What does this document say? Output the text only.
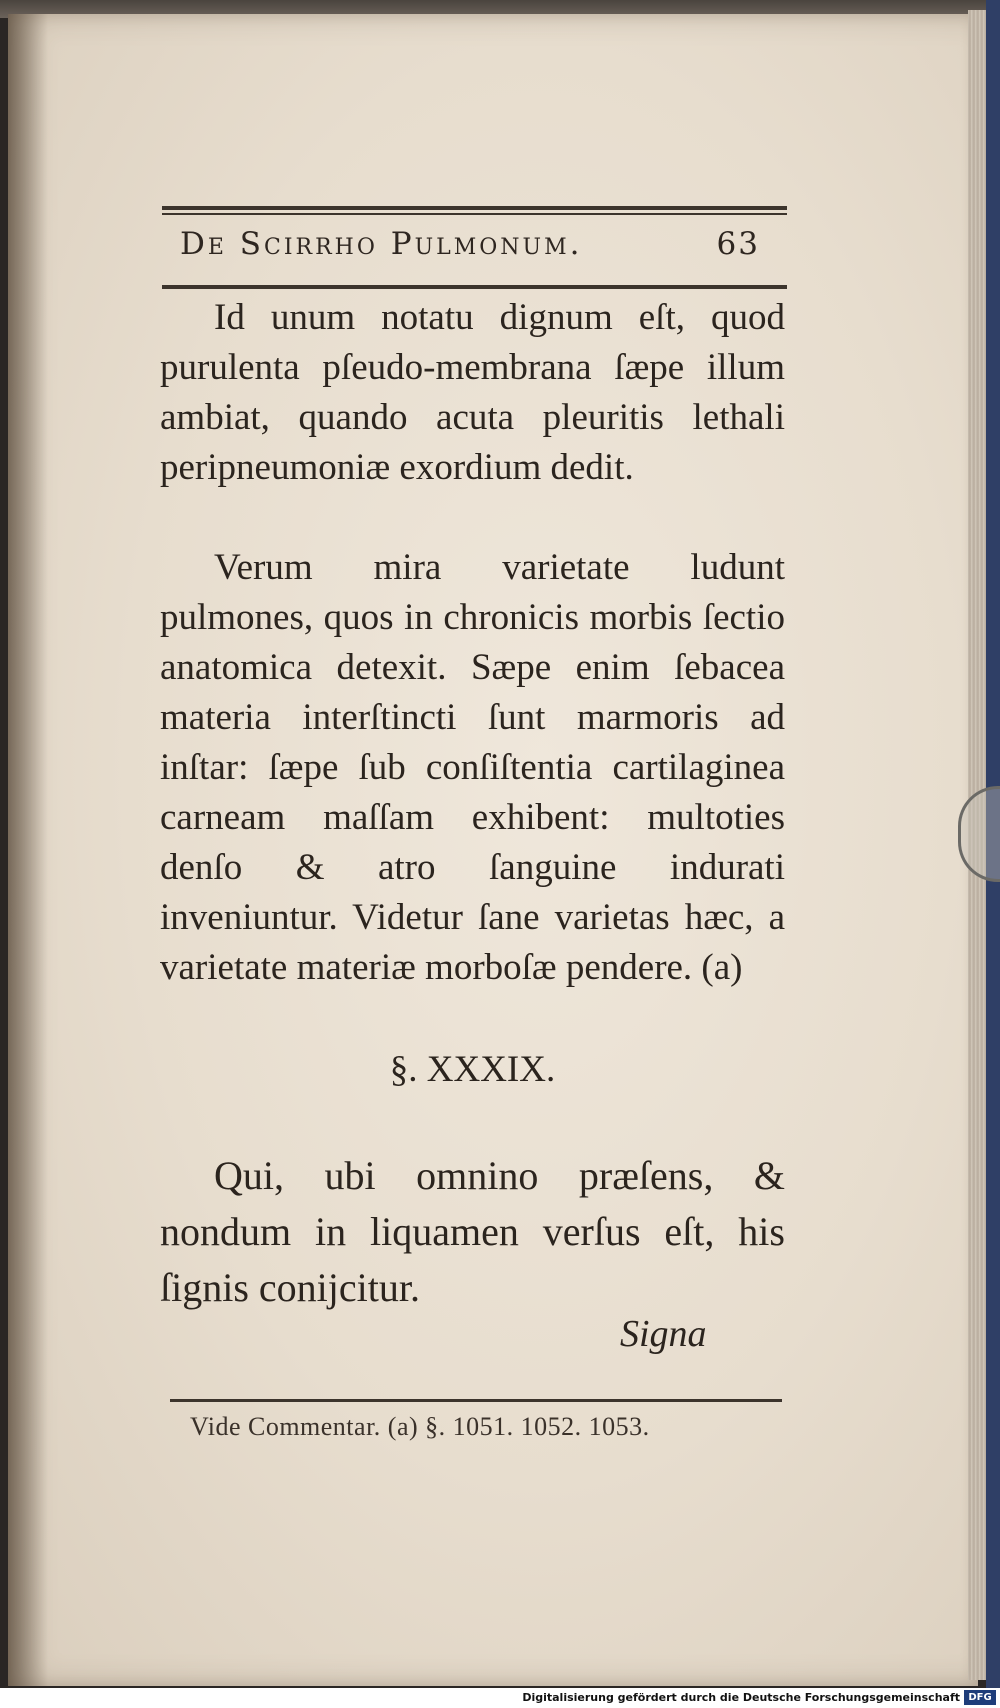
De Scirrho Pulmonum.	63
Id unum notatu dignum eſt, quod purulenta pſeudo-membrana ſæpe illum ambiat, quando acuta pleuritis lethali peripneumoniæ exordium dedit.
Verum mira varietate ludunt pulmones, quos in chronicis morbis ſectio anatomica detexit. Sæpe enim ſebacea materia interſtincti ſunt marmoris ad inſtar: ſæpe ſub conſiſtentia cartilaginea carneam maſſam exhibent: multoties denſo & atro ſanguine indurati inveniuntur. Videtur ſane varietas hæc, a varietate materiæ morboſæ pendere. (a)
§. XXXIX.
Qui, ubi omnino præſens, & nondum in liquamen verſus eſt, his ſignis conijcitur.
Signa
Vide Commentar. (a) §. 1051. 1052. 1053.
Digitalisierung gefördert durch die Deutsche Forschungsgemeinschaft DFG
